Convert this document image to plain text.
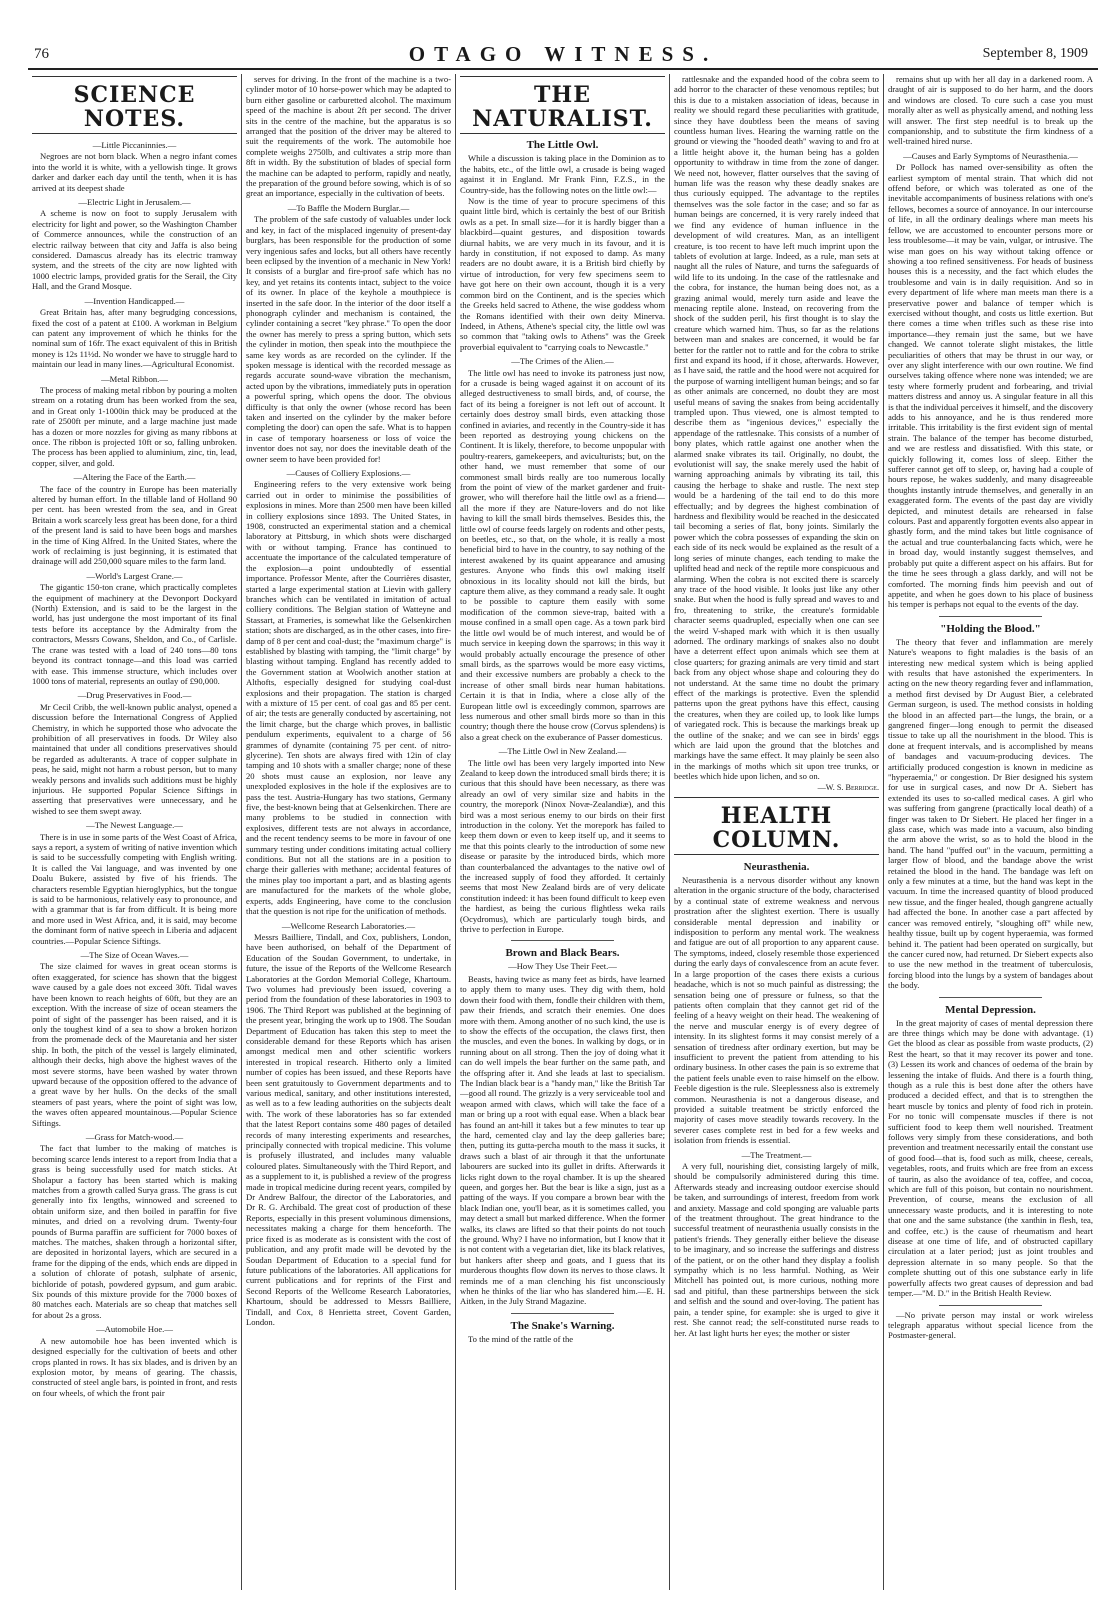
76	OTAGO WITNESS.	September 8, 1909
SCIENCE NOTES.
—Little Piccaninnies.—
Negroes are not born black. When a negro infant comes into the world it is white, with a yellowish tinge. It grows darker and darker each day until the tenth, when it is has arrived at its deepest shade
—Electric Light in Jerusalem.—
A scheme is now on foot to supply Jerusalem with electricity for light and power, so the Washington Chamber of Commerce announces, while the construction of an electric railway between that city and Jaffa is also being considered. Damascus already has its electric tramway system, and the streets of the city are now lighted with 1000 electric lamps, provided gratis for the Serail, the City Hall, and the Grand Mosque.
—Invention Handicapped.—
Great Britain has, after many begrudging concessions, fixed the cost of a patent at £100. A workman in Belgium can patent any improvement of which he thinks for the nominal sum of 16fr. The exact equivalent of this in British money is 12s 11½d. No wonder we have to struggle hard to maintain our lead in many lines.—Agricultural Economist.
—Metal Ribbon.—
The process of making metal ribbon by pouring a molten stream on a rotating drum has been worked from the sea, and in Great only 1-1000in thick may be produced at the rate of 2500ft per minute, and a large machine just made has a dozen or more nozzles for giving as many ribbons at once. The ribbon is projected 10ft or so, falling unbroken. The process has been applied to aluminium, zinc, tin, lead, copper, silver, and gold.
—Altering the Face of the Earth.—
The face of the country in Europe has been materially altered by human effort. In the tillable land of Holland 90 per cent. has been wrested from the sea, and in Great Britain a work scarcely less great has been done, for a third of the present land is said to have been bogs and marshes in the time of King Alfred. In the United States, where the work of reclaiming is just beginning, it is estimated that drainage will add 250,000 square miles to the farm land.
—World's Largest Crane.—
The gigantic 150-ton crane, which practically completes the equipment of machinery at the Devonport Dockyard (North) Extension, and is said to be the largest in the world, has just undergone the most important of its final tests before its acceptance by the Admiralty from the contractors, Messrs Cowans, Sheldon, and Co., of Carlisle. The crane was tested with a load of 240 tons—80 tons beyond its contract tonnage—and this load was carried with ease. This immense structure, which includes over 1000 tons of material, represents an outlay of £90,000.
—Drug Preservatives in Food.—
Mr Cecil Cribb, the well-known public analyst, opened a discussion before the International Congress of Applied Chemistry, in which he supported those who advocate the prohibition of all preservatives in foods. Dr Wiley also maintained that under all conditions preservatives should be regarded as adulterants. A trace of copper sulphate in peas, he said, might not harm a robust person, but to many weakly persons and invalids such additions must be highly injurious. He supported Popular Science Siftings in asserting that preservatives were unnecessary, and he wished to see them swept away.
—The Newest Language.—
There is in use in some parts of the West Coast of Africa, says a report, a system of writing of native invention which is said to be successfully competing with English writing. It is called the Vai language, and was invented by one Doalu Bukere, assisted by five of his friends. The characters resemble Egyptian hieroglyphics, but the tongue is said to be harmonious, relatively easy to pronounce, and with a grammar that is far from difficult. It is being more and more used in West Africa, and, it is said, may become the dominant form of native speech in Liberia and adjacent countries.—Popular Science Siftings.
—The Size of Ocean Waves.—
The size claimed for waves in great ocean storms is often exaggerated, for science has shown that the biggest wave caused by a gale does not exceed 30ft. Tidal waves have been known to reach heights of 60ft, but they are an exception. With the increase of size of ocean steamers the point of sight of the passenger has been raised, and it is only the toughest kind of a sea to show a broken horizon from the promenade deck of the Mauretania and her sister ship. In both, the pitch of the vessel is largely eliminated, although their decks, high above the highest waves of the most severe storms, have been washed by water thrown upward because of the opposition offered to the advance of a great wave by her hulls. On the decks of the small steamers of past years, where the point of sight was low, the waves often appeared mountainous.—Popular Science Siftings.
—Grass for Match-wood.—
The fact that lumber to the making of matches is becoming scarce lends interest to a report from India that a grass is being successfully used for match sticks. At Sholapur a factory has been started which is making matches from a growth called Surya grass. The grass is cut generally into fix lengths, winnowed and screened to obtain uniform size, and then boiled in paraffin for five minutes, and dried on a revolving drum. Twenty-four pounds of Burma paraffin are sufficient for 7000 boxes of matches. The matches, shaken through a horizontal sifter, are deposited in horizontal layers, which are secured in a frame for the dipping of the ends, which ends are dipped in a solution of chlorate of potash, sulphate of arsenic, bichloride of potash, powdered gypsum, and gum arabic. Six pounds of this mixture provide for the 7000 boxes of 80 matches each. Materials are so cheap that matches sell for about 2s a gross.
—Automobile Hoe.—
A new automobile hoe has been invented which is designed especially for the cultivation of beets and other crops planted in rows. It has six blades, and is driven by an explosion motor, by means of gearing. The chassis, constructed of steel angle bars, is pointed in front, and rests on four wheels, of which the front pair
serves for driving. In the front of the machine is a two-cylinder motor of 10 horse-power which may be adapted to burn either gasoline or carburetted alcohol. The maximum speed of the machine is about 2ft per second. The driver sits in the centre of the machine, but the apparatus is so arranged that the position of the driver may be altered to suit the requirements of the work. The automobile hoe complete weighs 2750lb, and cultivates a strip more than 8ft in width. By the substitution of blades of special form the machine can be adapted to perform, rapidly and neatly, the preparation of the ground before sowing, which is of so great an importance, especially in the cultivation of beets.
—To Baffle the Modern Burglar.—
The problem of the safe custody of valuables under lock and key, in fact of the misplaced ingenuity of present-day burglars, has been responsible for the production of some very ingenious safes and locks, but all others have recently been eclipsed by the invention of a mechanic in New York! It consists of a burglar and fire-proof safe which has no key, and yet retains its contents intact, subject to the voice of its owner. In place of the keyhole a mouthpiece is inserted in the safe door. In the interior of the door itself a phonograph cylinder and mechanism is contained, the cylinder containing a secret "key phrase." To open the door the owner has merely to press a spring button, which sets the cylinder in motion, then speak into the mouthpiece the same key words as are recorded on the cylinder. If the spoken message is identical with the recorded message as regards accurate sound-wave vibration the mechanism, acted upon by the vibrations, immediately puts in operation a powerful spring, which opens the door. The obvious difficulty is that only the owner (whose record has been taken and inserted on the cylinder by the maker before completing the door) can open the safe. What is to happen in case of temporary hoarseness or loss of voice the inventor does not say, nor does the inevitable death of the owner seem to have been provided for!
—Causes of Colliery Explosions.—
Engineering refers to the very extensive work being carried out in order to minimise the possibilities of explosions in mines. More than 2500 men have been killed in colliery explosions since 1893. The United States, in 1908, constructed an experimental station and a chemical laboratory at Pittsburg, in which shots were discharged with or without tamping. France has continued to accentuate the importance of the calculated temperature of the explosion—a point undoubtedly of essential importance. Professor Mente, after the Courrières disaster, started a large experimental station at Lievin with gallery branches which can be ventilated in imitation of actual colliery conditions. The Belgian station of Watteyne and Stassart, at Frameries, is somewhat like the Gelsenkirchen station; shots are discharged, as in the other cases, into fire-damp of 8 per cent and coal-dust; the "maximum charge" is established by blasting with tamping, the "limit charge" by blasting without tamping. England has recently added to the Government station at Woolwich another station at Althofts, especially designed for studying coal-dust explosions and their propagation. The station is charged with a mixture of 15 per cent. of coal gas and 85 per cent. of air; the tests are generally conducted by ascertaining, not the limit charge, but the charge which proves, in ballistic pendulum experiments, equivalent to a charge of 56 grammes of dynamite (containing 75 per cent. of nitro-glycerine). Ten shots are always fired with 12in of clay tamping and 10 shots with a smaller charge; none of these 20 shots must cause an explosion, nor leave any unexploded explosives in the hole if the explosives are to pass the test. Austria-Hungary has two stations, Germany five, the best-known being that at Gelsenkirchen. There are many problems to be studied in connection with explosives, different tests are not always in accordance, and the recent tendency seems to be more in favour of one summary testing under conditions imitating actual colliery conditions. But not all the stations are in a position to charge their galleries with methane; accidental features of the mines play too important a part, and as blasting agents are manufactured for the markets of the whole globe, experts, adds Engineering, have come to the conclusion that the question is not ripe for the unification of methods.
—Wellcome Research Laboratories.—
Messrs Bailliere, Tindall, and Cox, publishers, London, have been authorised, on behalf of the Department of Education of the Soudan Government, to undertake, in future, the issue of the Reports of the Wellcome Research Laboratories at the Gordon Memorial College, Khartoum. Two volumes had previously been issued, covering a period from the foundation of these laboratories in 1903 to 1906. The Third Report was published at the beginning of the present year, bringing the work up to 1908. The Soudan Department of Education has taken this step to meet the considerable demand for these Reports which has arisen amongst medical men and other scientific workers interested in tropical research. Hitherto only a limited number of copies has been issued, and these Reports have been sent gratuitously to Government departments and to various medical, sanitary, and other institutions interested, as well as to a few leading authorities on the subjects dealt with. The work of these laboratories has so far extended that the latest Report contains some 480 pages of detailed records of many interesting experiments and researches, principally connected with tropical medicine. This volume is profusely illustrated, and includes many valuable coloured plates. Simultaneously with the Third Report, and as a supplement to it, is published a review of the progress made in tropical medicine during recent years, compiled by Dr Andrew Balfour, the director of the Laboratories, and Dr R. G. Archibald. The great cost of production of these Reports, especially in this present voluminous dimensions, necessitates making a charge for them henceforth. The price fixed is as moderate as is consistent with the cost of publication, and any profit made will be devoted by the Soudan Department of Education to a special fund for future publications of the laboratories. All applications for current publications and for reprints of the First and Second Reports of the Wellcome Research Laboratories, Khartoum, should be addressed to Messrs Bailliere, Tindall, and Cox, 8 Henrietta street, Covent Garden, London.
THE NATURALIST.
The Little Owl.
While a discussion is taking place in the Dominion as to the habits, etc., of the little owl, a crusade is being waged against it in England. Mr Frank Finn, F.Z.S., in the Country-side, has the following notes on the little owl:—
Now is the time of year to procure specimens of this quaint little bird, which is certainly the best of our British owls as a pet. In small size—for it is hardly bigger than a blackbird—quaint gestures, and disposition towards diurnal habits, we are very much in its favour, and it is hardy in constitution, if not exposed to damp. As many readers are no doubt aware, it is a British bird chiefly by virtue of introduction, for very few specimens seem to have got here on their own account, though it is a very common bird on the Continent, and is the species which the Greeks held sacred to Athene, the wise goddess whom the Romans identified with their own deity Minerva. Indeed, in Athens, Athene's special city, the little owl was so common that "taking owls to Athens" was the Greek proverbial equivalent to "carrying coals to Newcastle."
—The Crimes of the Alien.—
The little owl has need to invoke its patroness just now, for a crusade is being waged against it on account of its alleged destructiveness to small birds, and, of course, the fact of its being a foreigner is not left out of account. It certainly does destroy small birds, even attacking those confined in aviaries, and recently in the Country-side it has been reported as destroying young chickens on the Continent. It is likely, therefore, to become unpopular with poultry-rearers, gamekeepers, and aviculturists; but, on the other hand, we must remember that some of our commonest small birds really are too numerous locally from the point of view of the market gardener and fruit-grower, who will therefore hail the little owl as a friend—all the more if they are Nature-lovers and do not like having to kill the small birds themselves. Besides this, the little owl of course feeds largely on rodents and other pests, on beetles, etc., so that, on the whole, it is really a most beneficial bird to have in the country, to say nothing of the interest awakened by its quaint appearance and amusing gestures. Anyone who finds this owl making itself obnoxious in its locality should not kill the birds, but capture them alive, as they command a ready sale. It ought to be possible to capture them easily with some modification of the common sieve-trap, baited with a mouse confined in a small open cage. As a town park bird the little owl would be of much interest, and would be of much service in keeping down the sparrows; in this way it would probably actually encourage the presence of other small birds, as the sparrows would be more easy victims, and their excessive numbers are probably a check to the increase of other small birds near human habitations. Certain it is that in India, where a close ally of the European little owl is exceedingly common, sparrows are less numerous and other small birds more so than in this country; though there the house crow (Corvus splendens) is also a great check on the exuberance of Passer domesticus.
—The Little Owl in New Zealand.—
The little owl has been very largely imported into New Zealand to keep down the introduced small birds there; it is curious that this should have been necessary, as there was already an owl of very similar size and habits in the country, the morepork (Ninox Novæ-Zealandiæ), and this bird was a most serious enemy to our birds on their first introduction in the colony. Yet the morepork has failed to keep them down or even to keep itself up, and it seems to me that this points clearly to the introduction of some new disease or parasite by the introduced birds, which more than counterbalanced the advantages to the native owl of the increased supply of food they afforded. It certainly seems that most New Zealand birds are of very delicate constitution indeed: it has been found difficult to keep even the hardiest, as being the curious flightless weka rails (Ocydromus), which are particularly tough birds, and thrive to perfection in Europe.
Brown and Black Bears.
—How They Use Their Feet.—
Beasts, having twice as many feet as birds, have learned to apply them to many uses. They dig with them, hold down their food with them, fondle their children with them, paw their friends, and scratch their enemies. One does more with them. Among another of no such kind, the use is to show the effects of the occupation, the claws first, then the muscles, and even the bones. In walking by dogs, or in running about on all strong. Then the joy of doing what it can do well impels the bear further on the same path, and the offspring after it. And she leads at last to specialism. The Indian black bear is a "handy man," like the British Tar—good all round. The grizzly is a very serviceable tool and weapon armed with claws, which will take the face of a man or bring up a root with equal ease. When a black bear has found an ant-hill it takes but a few minutes to tear up the hard, cemented clay and lay the deep galleries bare; then, putting its gutta-percha mouth to the mass it sucks, it draws such a blast of air through it that the unfortunate labourers are sucked into its gullet in drifts. Afterwards it licks right down to the royal chamber. It is up the sheared queen, and gorges her. But the bear is like a sign, just as a patting of the ways. If you compare a brown bear with the black Indian one, you'll bear, as it is sometimes called, you may detect a small but marked difference. When the former walks, its claws are lifted so that their points do not touch the ground. Why? I have no information, but I know that it is not content with a vegetarian diet, like its black relatives, but hankers after sheep and goats, and I guess that its murderous thoughts flow down its nerves to those claws. It reminds me of a man clenching his fist unconsciously when he thinks of the liar who has slandered him.—E. H. Aitken, in the July Strand Magazine.
The Snake's Warning.
To the mind of the rattle of the
rattlesnake and the expanded hood of the cobra seem to add horror to the character of these venomous reptiles; but this is due to a mistaken association of ideas, because in reality we should regard these peculiarities with gratitude, since they have doubtless been the means of saving countless human lives. Hearing the warning rattle on the ground or viewing the "hooded death" waving to and fro at a little height above it, the human being has a golden opportunity to withdraw in time from the zone of danger. We need not, however, flatter ourselves that the saving of human life was the reason why these deadly snakes are thus curiously equipped. The advantage to the reptiles themselves was the sole factor in the case; and so far as human beings are concerned, it is very rarely indeed that we find any evidence of human influence in the development of wild creatures. Man, as an intelligent creature, is too recent to have left much imprint upon the tablets of evolution at large. Indeed, as a rule, man sets at naught all the rules of Nature, and turns the safeguards of wild life to its undoing. In the case of the rattlesnake and the cobra, for instance, the human being does not, as a grazing animal would, merely turn aside and leave the menacing reptile alone. Instead, on recovering from the shock of the sudden peril, his first thought is to slay the creature which warned him. Thus, so far as the relations between man and snakes are concerned, it would be far better for the rattler not to rattle and for the cobra to strike first and expand its hood, if it chose, afterwards. However, as I have said, the rattle and the hood were not acquired for the purpose of warning intelligent human beings; and so far as other animals are concerned, no doubt they are most useful means of saving the snakes from being accidentally trampled upon. Thus viewed, one is almost tempted to describe them as "ingenious devices," especially the appendage of the rattlesnake. This consists of a number of bony plates, which rattle against one another when the alarmed snake vibrates its tail. Originally, no doubt, the evolutionist will say, the snake merely used the habit of warning approaching animals by vibrating its tail, this causing the herbage to shake and rustle. The next step would be a hardening of the tail end to do this more effectually; and by degrees the highest combination of hardness and flexibility would be reached in the desiccated tail becoming a series of flat, bony joints. Similarly the power which the cobra possesses of expanding the skin on each side of its neck would be explained as the result of a long series of minute changes, each tending to make the uplifted head and neck of the reptile more conspicuous and alarming. When the cobra is not excited there is scarcely any trace of the hood visible. It looks just like any other snake. But when the hood is fully spread and waves to and fro, threatening to strike, the creature's formidable character seems quadrupled, especially when one can see the weird V-shaped mark with which it is then usually adorned. The ordinary markings of snakes also no doubt have a deterrent effect upon animals which see them at close quarters; for grazing animals are very timid and start back from any object whose shape and colouring they do not understand. At the same time no doubt the primary effect of the markings is protective. Even the splendid patterns upon the great pythons have this effect, causing the creatures, when they are coiled up, to look like lumps of variegated rock. This is because the markings break up the outline of the snake; and we can see in birds' eggs which are laid upon the ground that the blotches and markings have the same effect. It may plainly be seen also in the markings of moths which sit upon tree trunks, or beetles which hide upon lichen, and so on.
—W. S. Berridge.
HEALTH COLUMN.
Neurasthenia.
Neurasthenia is a nervous disorder without any known alteration in the organic structure of the body, characterised by a continual state of extreme weakness and nervous prostration after the slightest exertion. There is usually considerable mental depression and inability or indisposition to perform any mental work. The weakness and fatigue are out of all proportion to any apparent cause. The symptoms, indeed, closely resemble those experienced during the early days of convalescence from an acute fever. In a large proportion of the cases there exists a curious headache, which is not so much painful as distressing; the sensation being one of pressure or fulness, so that the patients often complain that they cannot get rid of the feeling of a heavy weight on their head. The weakening of the nerve and muscular energy is of every degree of intensity. In its slightest forms it may consist merely of a sensation of tiredness after ordinary exertion, but may be insufficient to prevent the patient from attending to his ordinary business. In other cases the pain is so extreme that the patient feels unable even to raise himself on the elbow. Feeble digestion is the rule. Sleeplessness also is extremely common. Neurasthenia is not a dangerous disease, and provided a suitable treatment be strictly enforced the majority of cases move steadily towards recovery. In the severer cases complete rest in bed for a few weeks and isolation from friends is essential.
—The Treatment.—
A very full, nourishing diet, consisting largely of milk, should be compulsorily administered during this time. Afterwards steady and increasing outdoor exercise should be taken, and surroundings of interest, freedom from work and anxiety. Massage and cold sponging are valuable parts of the treatment throughout. The great hindrance to the successful treatment of neurasthenia usually consists in the patient's friends. They generally either believe the disease to be imaginary, and so increase the sufferings and distress of the patient, or on the other hand they display a foolish sympathy which is no less harmful. Nothing, as Weir Mitchell has pointed out, is more curious, nothing more sad and pitiful, than these partnerships between the sick and selfish and the sound and over-loving. The patient has pain, a tender spine, for example: she is urged to give it rest. She cannot read; the self-constituted nurse reads to her. At last light hurts her eyes; the mother or sister
remains shut up with her all day in a darkened room. A draught of air is supposed to do her harm, and the doors and windows are closed. To cure such a case you must morally alter as well as physically amend, and nothing less will answer. The first step needful is to break up the companionship, and to substitute the firm kindness of a well-trained hired nurse.
—Causes and Early Symptoms of Neurasthenia.—
Dr Pollock has named over-sensibility as often the earliest symptom of mental strain. That which did not offend before, or which was tolerated as one of the inevitable accompaniments of business relations with one's fellows, becomes a source of annoyance. In our intercourse of life, in all the ordinary dealings where man meets his fellow, we are accustomed to encounter persons more or less troublesome—it may be vain, vulgar, or intrusive. The wise man goes on his way without taking offence or showing a too refined sensitiveness. For heads of business houses this is a necessity, and the fact which eludes the troublesome and vain is in daily requisition. And so in every department of life where man meets man there is a preservative power and balance of temper which is exercised without thought, and costs us little exertion. But there comes a time when trifles such as these rise into importance—they remain just the same, but we have changed. We cannot tolerate slight mistakes, the little peculiarities of others that may be thrust in our way, or over any slight interference with our own routine. We find ourselves taking offence where none was intended; we are testy where formerly prudent and forbearing, and trivial matters distress and annoy us. A singular feature in all this is that the individual perceives it himself, and the discovery adds to his annoyance, and he is thus rendered more irritable. This irritability is the first evident sign of mental strain. The balance of the temper has become disturbed, and we are restless and dissatisfied. With this state, or quickly following it, comes loss of sleep. Either the sufferer cannot get off to sleep, or, having had a couple of hours repose, he wakes suddenly, and many disagreeable thoughts instantly intrude themselves, and generally in an exaggerated form. The events of the past day are vividly depicted, and minutest details are rehearsed in false colours. Past and apparently forgotten events also appear in ghastly form, and the mind takes but little cognisance of the actual and true counterbalancing facts which, were he in broad day, would instantly suggest themselves, and probably put quite a different aspect on his affairs. But for the time he sees through a glass darkly, and will not be comforted. The morning finds him peevish and out of appetite, and when he goes down to his place of business his temper is perhaps not equal to the events of the day.
"Holding the Blood."
The theory that fever and inflammation are merely Nature's weapons to fight maladies is the basis of an interesting new medical system which is being applied with results that have astonished the experimenters. In acting on the new theory regarding fever and inflammation, a method first devised by Dr August Bier, a celebrated German surgeon, is used. The method consists in holding the blood in an affected part—the lungs, the brain, or a gangrened finger—long enough to permit the diseased tissue to take up all the nourishment in the blood. This is done at frequent intervals, and is accomplished by means of bandages and vacuum-producing devices. The artificially produced congestion is known in medicine as "hyperaemia," or congestion. Dr Bier designed his system for use in surgical cases, and now Dr A. Siebert has extended its uses to so-called medical cases. A girl who was suffering from gangrene (practically local death) of a finger was taken to Dr Siebert. He placed her finger in a glass case, which was made into a vacuum, also binding the arm above the wrist, so as to hold the blood in the hand. The hand "puffed out" in the vacuum, permitting a larger flow of blood, and the bandage above the wrist retained the blood in the hand. The bandage was left on only a few minutes at a time, but the hand was kept in the vacuum. In time the increased quantity of blood produced new tissue, and the finger healed, though gangrene actually had affected the bone. In another case a part affected by cancer was removed entirely, "sloughing off" while new, healthy tissue, built up by cogent hyperaemia, was formed behind it. The patient had been operated on surgically, but the cancer cured now, had returned. Dr Siebert expects also to use the new method in the treatment of tuberculosis, forcing blood into the lungs by a system of bandages about the body.
Mental Depression.
In the great majority of cases of mental depression there are three things which may be done with advantage. (1) Get the blood as clear as possible from waste products, (2) Rest the heart, so that it may recover its power and tone. (3) Lessen its work and chances of oedema of the brain by lessening the intake of fluids. And there is a fourth thing, though as a rule this is best done after the others have produced a decided effect, and that is to strengthen the heart muscle by tonics and plenty of food rich in protein. For no tonic will compensate muscles if there is not sufficient food to keep them well nourished. Treatment follows very simply from these considerations, and both prevention and treatment necessarily entail the constant use of good food—that is, food such as milk, cheese, cereals, vegetables, roots, and fruits which are free from an excess of taurin, as also the avoidance of tea, coffee, and cocoa, which are full of this poison, but contain no nourishment. Prevention, of course, means the exclusion of all unnecessary waste products, and it is interesting to note that one and the same substance (the xanthin in flesh, tea, and coffee, etc.) is the cause of rheumatism and heart disease at one time of life, and of obstructed capillary circulation at a later period; just as joint troubles and depression alternate in so many people. So that the complete shutting out of this one substance early in life powerfully affects two great causes of depression and bad temper.—"M. D." in the British Health Review.
—No private person may instal or work wireless telegraph apparatus without special licence from the Postmaster-general.
